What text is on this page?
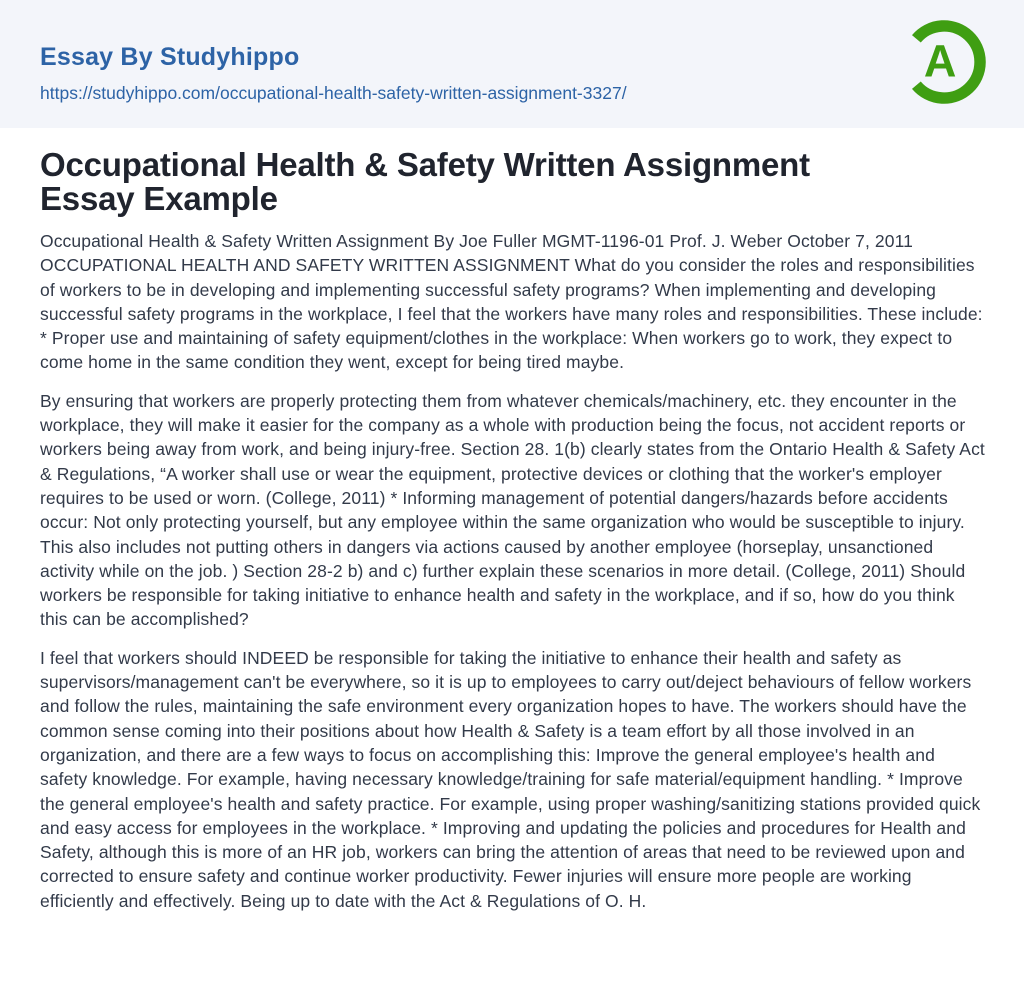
Essay By Studyhippo
https://studyhippo.com/occupational-health-safety-written-assignment-3327/
A
Occupational Health & Safety Written Assignment Essay Example

Occupational Health & Safety Written Assignment By Joe Fuller MGMT-1196-01 Prof. J. Weber October 7, 2011 OCCUPATIONAL HEALTH AND SAFETY WRITTEN ASSIGNMENT What do you consider the roles and responsibilities of workers to be in developing and implementing successful safety programs? When implementing and developing successful safety programs in the workplace, I feel that the workers have many roles and responsibilities. These include: * Proper use and maintaining of safety equipment/clothes in the workplace: When workers go to work, they expect to come home in the same condition they went, except for being tired maybe.

By ensuring that workers are properly protecting them from whatever chemicals/machinery, etc. they encounter in the workplace, they will make it easier for the company as a whole with production being the focus, not accident reports or workers being away from work, and being injury-free. Section 28. 1(b) clearly states from the Ontario Health & Safety Act & Regulations, “A worker shall use or wear the equipment, protective devices or clothing that the worker's employer requires to be used or worn. (College, 2011) * Informing management of potential dangers/hazards before accidents occur: Not only protecting yourself, but any employee within the same organization who would be susceptible to injury. This also includes not putting others in dangers via actions caused by another employee (horseplay, unsanctioned activity while on the job. ) Section 28-2 b) and c) further explain these scenarios in more detail. (College, 2011) Should workers be responsible for taking initiative to enhance health and safety in the workplace, and if so, how do you think this can be accomplished?

I feel that workers should INDEED be responsible for taking the initiative to enhance their health and safety as supervisors/management can't be everywhere, so it is up to employees to carry out/deject behaviours of fellow workers and follow the rules, maintaining the safe environment every organization hopes to have. The workers should have the common sense coming into their positions about how Health & Safety is a team effort by all those involved in an organization, and there are a few ways to focus on accomplishing this: Improve the general employee's health and safety knowledge. For example, having necessary knowledge/training for safe material/equipment handling. * Improve the general employee's health and safety practice. For example, using proper washing/sanitizing stations provided quick and easy access for employees in the workplace. * Improving and updating the policies and procedures for Health and Safety, although this is more of an HR job, workers can bring the attention of areas that need to be reviewed upon and corrected to ensure safety and continue worker productivity. Fewer injuries will ensure more people are working efficiently and effectively. Being up to date with the Act & Regulations of O. H.
